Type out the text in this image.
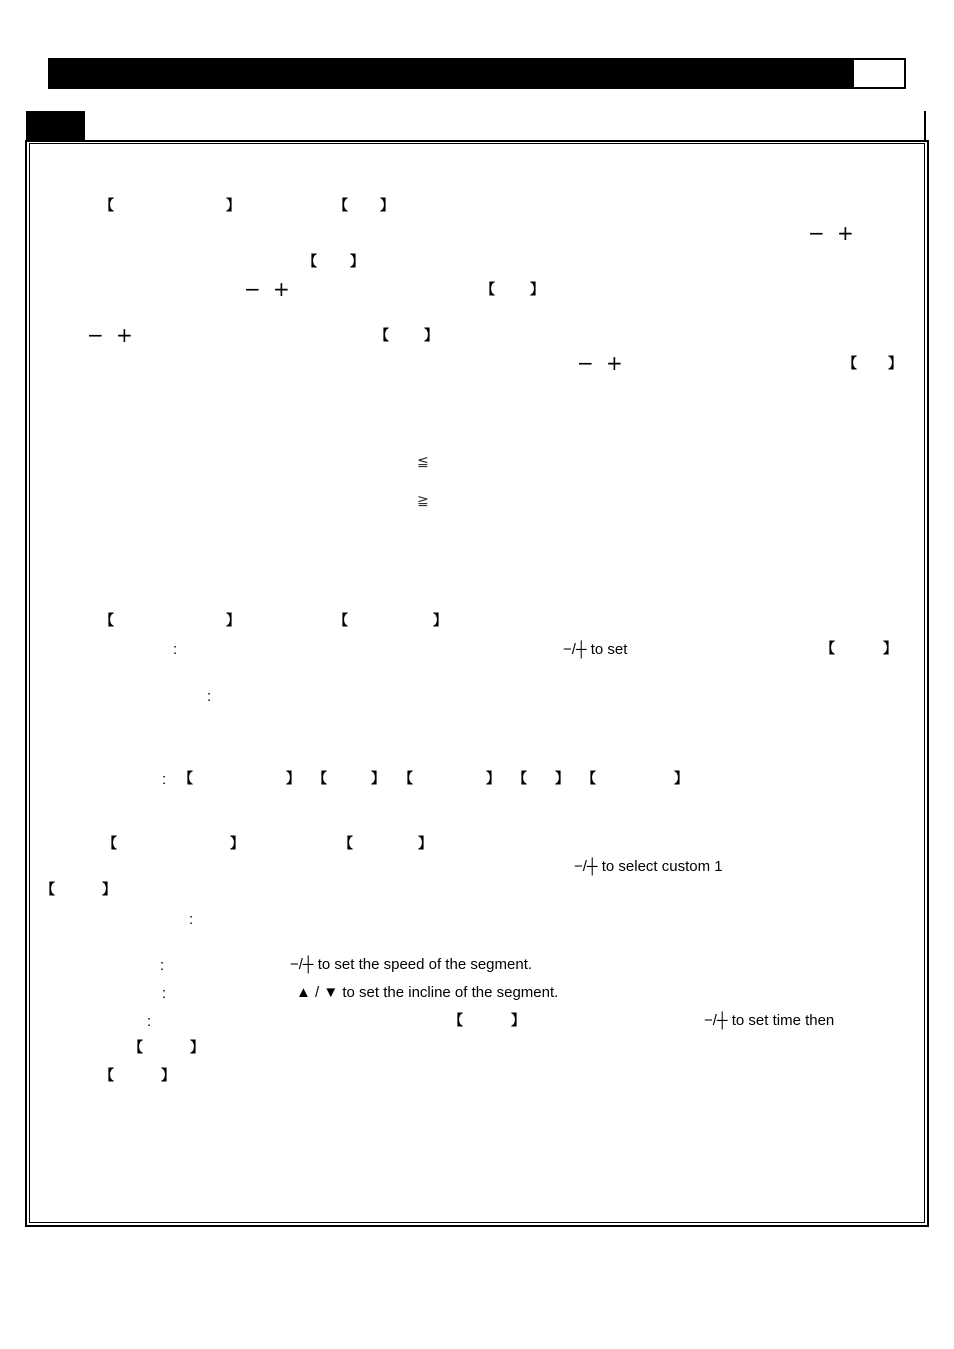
【	】	【 】
− +
【 】
− +	【	】
− +	【	】
− +	【 】
≦
≧
【	】	【	】
:	−/┼ to set	【	】
:
: 【	】 【	】 【	】 【 】 【	】
【	】	【	】
−/┼ to select custom 1
【	】
:
:	−/┼ to set the speed of the segment.
:	▲ / ▼ to set the incline of the segment.
:	【	】	−/┼ to set time then
【	】
【	】
